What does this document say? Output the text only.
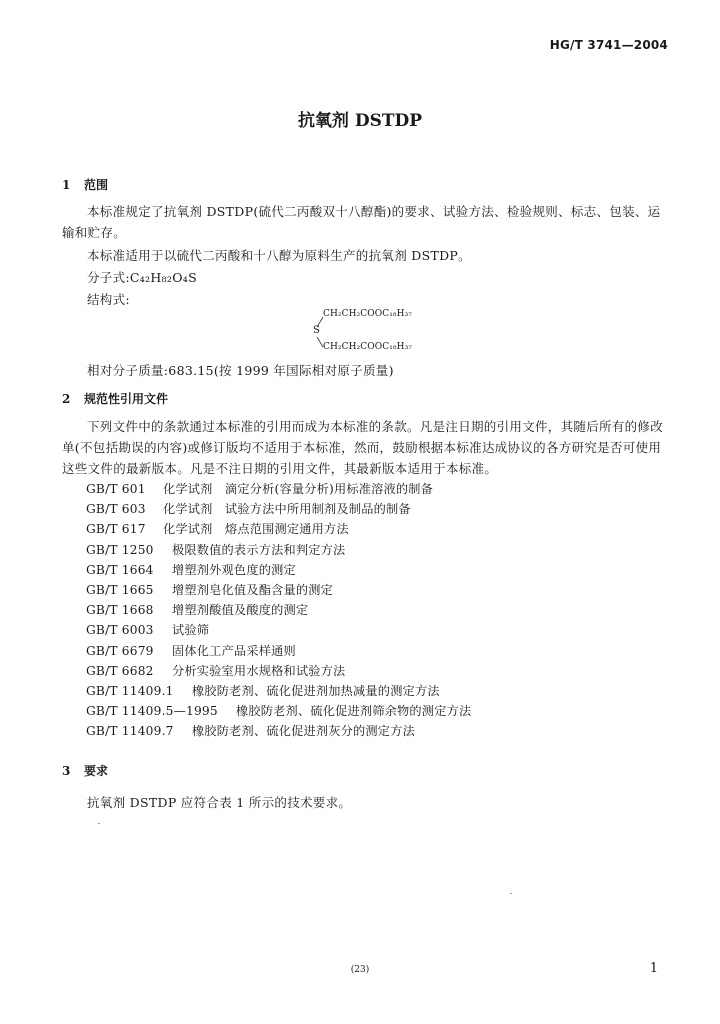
HG/T 3741—2004
抗氧剂 DSTDP
1 范围
本标准规定了抗氧剂 DSTDP(硫代二丙酸双十八醇酯)的要求、试验方法、检验规则、标志、包装、运输和贮存。
本标准适用于以硫代二丙酸和十八醇为原料生产的抗氧剂 DSTDP。
分子式:C₄₂H₈₂O₄S
结构式:
CH₂CH₂COOC₁₈H₃₇
S
CH₂CH₂COOC₁₈H₃₇
相对分子质量:683.15(按 1999 年国际相对原子质量)
2 规范性引用文件
下列文件中的条款通过本标准的引用而成为本标准的条款。凡是注日期的引用文件，其随后所有的修改单(不包括勘误的内容)或修订版均不适用于本标准，然而，鼓励根据本标准达成协议的各方研究是否可使用这些文件的最新版本。凡是不注日期的引用文件，其最新版本适用于本标准。
GB/T 601 化学试剂　滴定分析(容量分析)用标准溶液的制备
GB/T 603 化学试剂　试验方法中所用制剂及制品的制备
GB/T 617 化学试剂　熔点范围测定通用方法
GB/T 1250 极限数值的表示方法和判定方法
GB/T 1664 增塑剂外观色度的测定
GB/T 1665 增塑剂皂化值及酯含量的测定
GB/T 1668 增塑剂酸值及酸度的测定
GB/T 6003 试验筛
GB/T 6679 固体化工产品采样通则
GB/T 6682 分析实验室用水规格和试验方法
GB/T 11409.1 橡胶防老剂、硫化促进剂加热减量的测定方法
GB/T 11409.5—1995 橡胶防老剂、硫化促进剂筛余物的测定方法
GB/T 11409.7 橡胶防老剂、硫化促进剂灰分的测定方法
3 要求
抗氧剂 DSTDP 应符合表 1 所示的技术要求。
(23)	1
